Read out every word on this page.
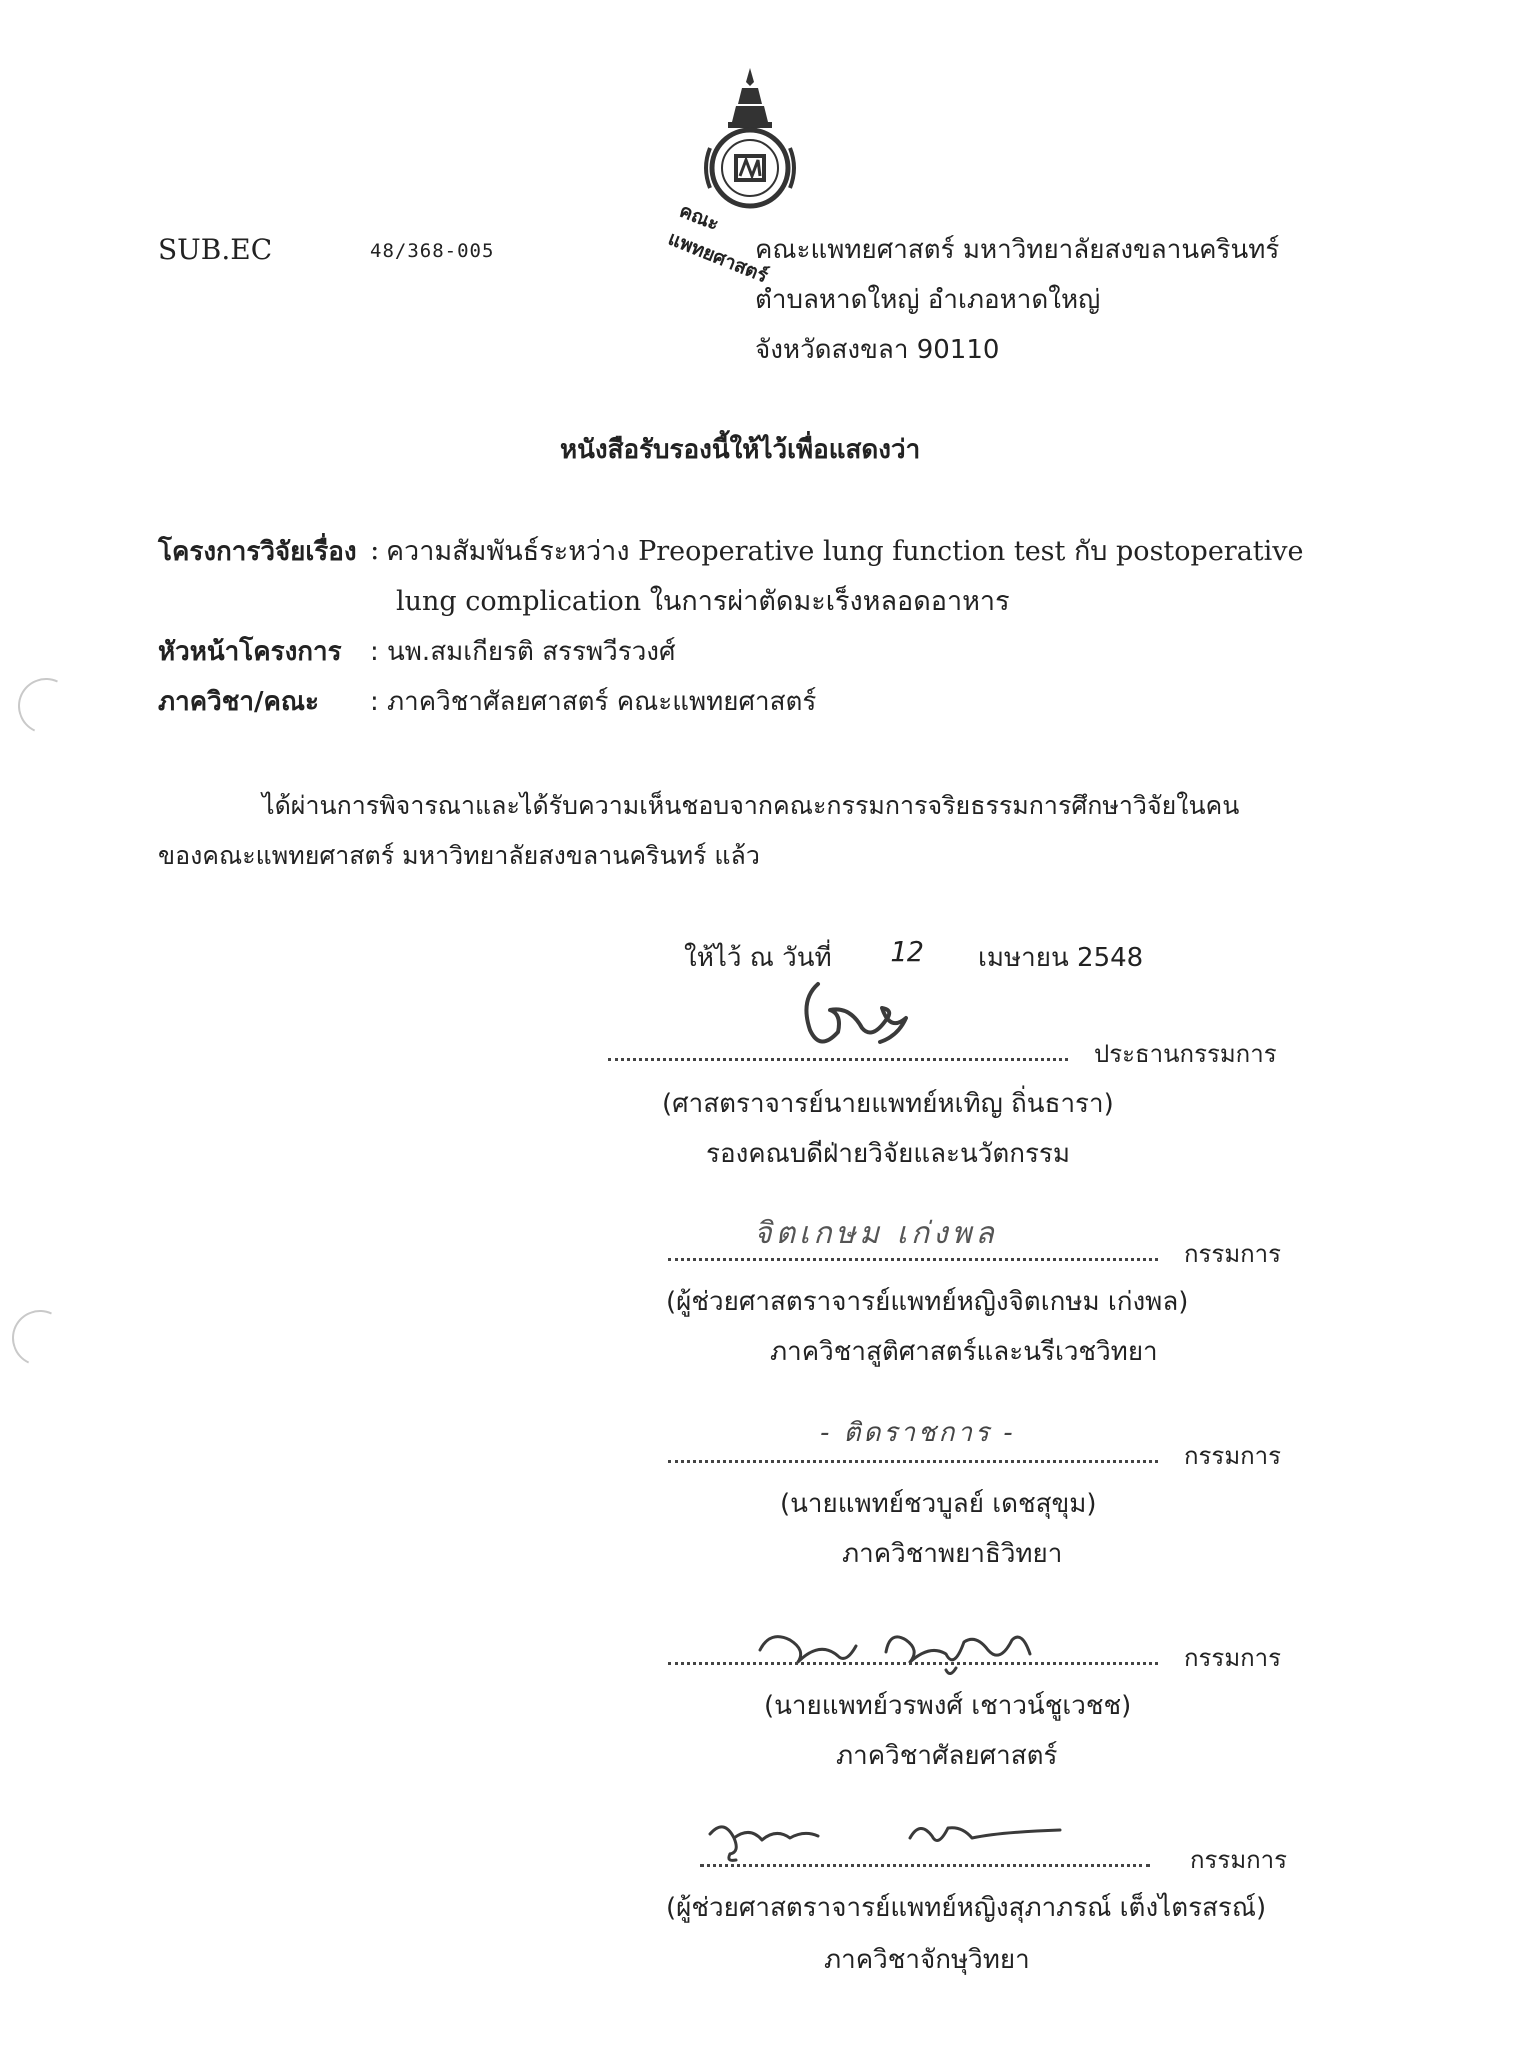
คณะแพทยศาสตร์
SUB.EC	48/368-005	คณะแพทยศาสตร์ มหาวิทยาลัยสงขลานครินทร์
ตำบลหาดใหญ่ อำเภอหาดใหญ่
จังหวัดสงขลา 90110
หนังสือรับรองนี้ให้ไว้เพื่อแสดงว่า
โครงการวิจัยเรื่อง : ความสัมพันธ์ระหว่าง Preoperative lung function test กับ postoperative
lung complication ในการผ่าตัดมะเร็งหลอดอาหาร
หัวหน้าโครงการ : นพ.สมเกียรติ สรรพวีรวงศ์
ภาควิชา/คณะ : ภาควิชาศัลยศาสตร์ คณะแพทยศาสตร์
ได้ผ่านการพิจารณาและได้รับความเห็นชอบจากคณะกรรมการจริยธรรมการศึกษาวิจัยในคน
ของคณะแพทยศาสตร์ มหาวิทยาลัยสงขลานครินทร์ แล้ว
ให้ไว้ ณ วันที่ 12 เมษายน 2548
ประธานกรรมการ
(ศาสตราจารย์นายแพทย์หเทิญ ถิ่นธารา)
รองคณบดีฝ่ายวิจัยและนวัตกรรม
จิตเกษม เก่งพล
กรรมการ
(ผู้ช่วยศาสตราจารย์แพทย์หญิงจิตเกษม เก่งพล)
ภาควิชาสูติศาสตร์และนรีเวชวิทยา
- ติดราชการ -
กรรมการ
(นายแพทย์ชวบูลย์ เดชสุขุม)
ภาควิชาพยาธิวิทยา
กรรมการ
(นายแพทย์วรพงศ์ เชาวน์ชูเวชช)
ภาควิชาศัลยศาสตร์
กรรมการ
(ผู้ช่วยศาสตราจารย์แพทย์หญิงสุภาภรณ์ เต็งไตรสรณ์)
ภาควิชาจักษุวิทยา
